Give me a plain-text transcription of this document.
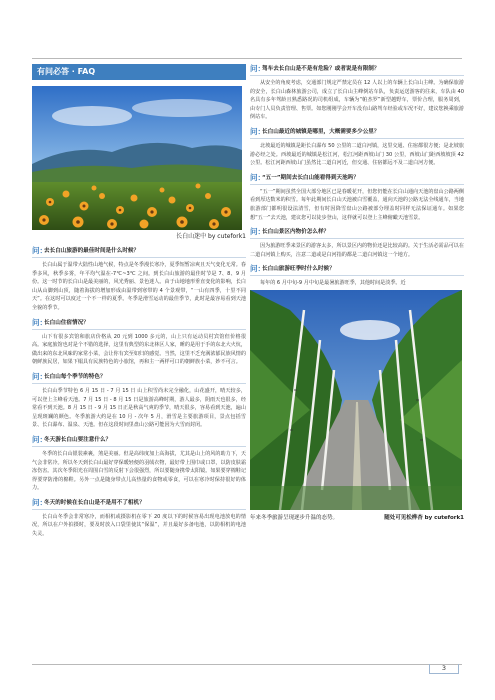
有问必答 · FAQ
长白山迷中 by cutefork1
问：
去长白山旅游的最佳时间是什么时候？

长白山属于温带大陆性山地气候，特点是冬季漫长寒冷，夏季短暂凉爽且天气变化无常。春季多风，秋季多雾，年平均气温在-7℃~3℃ 之间。到长白山旅游的最佳时节是 7、8、9 月份。这一时节的长白山是最美丽的，风光秀丽、景色迷人。由于山地地形垂直变化的影响，长白山从山脚到山顶，随着海拔的增加形成由温带到寒带的 4 个景观带，“一山有四季，十里不同天”。在这时可以度过一个不一样的夏季。冬季是滑雪运动的最佳季节，此时是最容易看到天池全貌的季节。

问：
长白山住宿情况？

山下有很多宾馆和旅店价格从 20 元到 1000 多元的，山上只有运动员村宾馆但价格很高。家庭旅馆也对是个不错的选择，这里有典型的东北林区人家，睡的是用于手的东北大火炕，做出来的东北风味的家常小菜，会让你有宾至如归的感觉。当然，这里不乏充满浓郁民族风情的朝鲜族民居，如果下榻具有民族特色的小旅馆，再和主一两样可口的朝鲜族小菜，妙不可言。

问：
长白山每个季节的特色？

长白山季节特色 6 月 15 日 - 7 月 15 日 山上积雪尚未完全融化，山花盛开，晴天较多，可以登上主峰看天池。7 月 15 日 - 8 月 15 日是旅游高峰时期，游人最多，阴雨天也很多，经常看不到天池。8 月 15 日 - 9 月 15 日正是秋高气爽的季节，晴天很多，容易看到天池，遍山呈现斑斓的颜色。冬季旅游大约是在 10 月 - 次年 5 月，滑雪是主要旅游项目，景点包括雪景、长白瀑布、温泉、天池。但在这段时间里盘山公路可能因为大雪而封闭。

问：
冬天游长白山要注意什么？

冬季的长白山银装素裹，煞是美丽。但是高纬度加上高海拔，尤其是山上的风的助力下，天气会非常冷。所以冬天到长白山最好穿保暖轻便的羽绒衣物，最好带上围巾或口罩，以防皮肤霜冻伤害。其次冬季阳光在周围白雪的反射下会很强烈，所以要随身携带太阳镜。如果要穿棉鞋记得要穿防滑的棉鞋。另外一点是随身带点儿高热量的食物或零食，可以在寒冷时保持很好的体力。

问：
冬天的时候在长白山是不是用不了相机？

长白山冬季会非常寒冷，而相机或摄影机在零下 20 度以下的时候容易出现电池放电的情况，所以在户外拍摄时，要及时放入口袋里使其“保温”，并且最好多备电池，以防相机的电池失灵。

问：
驾车去长白山是不是有危险？或者说是有限制？

从安全的角度考虑，交通部门规定严禁定员在 12 人以上的车辆上长白山主峰。为确保旅游的安全，长白山森林旅游公司，成立了长白山主峰倒站车队，负责运送游客的往来，车队由 40 名具有多年驾龄且熟悉路况的司机组成，车辆为“帕杰罗”新型越野车，票价合理，服务周到，由专门人员负责管理、售票。如您刚刚学会开车没有山路驾车经验或车况不好，建议您换乘旅游倒站车。

问：
长白山最近的城镇是哪里，大概需要多少公里？

北坡最近的城镇是距长白瀑布 50 公里的二道白河镇，这里交通、住宿都很方便；是北坡旅游必经之处。西坡最近的城镇是松江河，松江河距西坡山门 30 公里，西坡山门距西坡坡顶 42 公里。松江河距西坡山门虽然比二道白河近，但交通、住宿都远不及二道白河方便。

问：
“五一”期间去长白山能看得到天池吗？

“五一”期间虽然全国大部分地区已是春暖花开，但您仍能在长白山通向天池的盘山公路两侧看到厚达数米的积雪。每年此期间长白山天池被白雪覆盖，通向天池的公路无法全线通车，当地旅游部门都明很设法清雪，但有时因降雪盘山公路被部分埋盖时同样无法保证通车。如果您想“五一”去天池，建议您可以徒步登山，这样就可以登上主峰俯瞰天池雪景。

问：
长白山景区内物价怎么样？

因为旅游旺季来景区的游客太多，所以景区内的物价还是比较高的。关于生活必需品可以在二道白河镇上购买，注意二道或是白河指的都是二道白河镇这一个地方。

问：
长白山旅游旺季时什么时候？

每年的 6 月中旬-9 月中旬是最暑旅游旺季，其他时间是淡季。近

年来冬季旅游呈现逐步升温的态势。	随处可见松桦杏 by cutefork1
3
